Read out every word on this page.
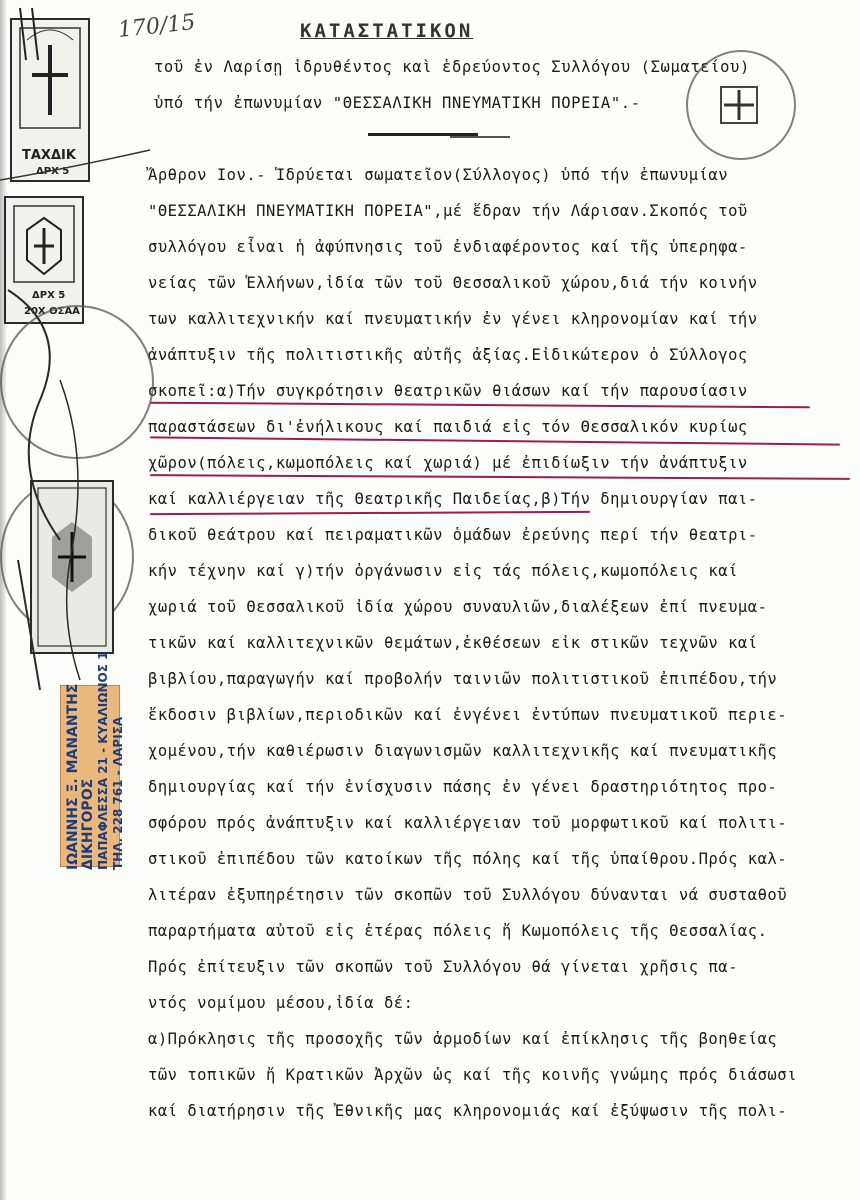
170/15	ΚΑΤΑΣΤΑΤΙΚΟΝ
τοῦ ἐν Λαρίσῃ ἱδρυθέντος καὶ ἑδρεύοντος Συλλόγου (Σωματείου)
ὑπό τήν ἐπωνυμίαν "ΘΕΣΣΑΛΙΚΗ ΠΝΕΥΜΑΤΙΚΗ ΠΟΡΕΙΑ".-
Ἄρθρον Ιον.- Ἱδρύεται σωματεῖον(Σύλλογος) ὑπό τήν ἐπωνυμίαν
"ΘΕΣΣΑΛΙΚΗ ΠΝΕΥΜΑΤΙΚΗ ΠΟΡΕΙΑ",μέ ἕδραν τήν Λάρισαν.Σκοπός τοῦ
συλλόγου εἶναι ἡ ἀφύπνησις τοῦ ἐνδιαφέροντος καί τῆς ὑπερηφα-
νείας τῶν Ἑλλήνων,ἰδία τῶν τοῦ Θεσσαλικοῦ χώρου,διά τήν κοινήν
των καλλιτεχνικήν καί πνευματικήν ἐν γένει κληρονομίαν καί τήν
ἀνάπτυξιν τῆς πολιτιστικῆς αὐτῆς ἀξίας.Εἰδικώτερον ὁ Σύλλογος
σκοπεῖ:α)Τήν συγκρότησιν θεατρικῶν θιάσων καί τήν παρουσίασιν
παραστάσεων δι'ἐνήλικους καί παιδιά εἰς τόν Θεσσαλικόν κυρίως
χῶρον(πόλεις,κωμοπόλεις καί χωριά) μέ ἐπιδίωξιν τήν ἀνάπτυξιν
καί καλλιέργειαν τῆς Θεατρικῆς Παιδείας,β)Τήν δημιουργίαν παι-
δικοῦ θεάτρου καί πειραματικῶν ὁμάδων ἐρεύνης περί τήν θεατρι-
κήν τέχνην καί γ)τήν ὀργάνωσιν εἰς τάς πόλεις,κωμοπόλεις καί
χωριά τοῦ Θεσσαλικοῦ ἰδία χώρου συναυλιῶν,διαλέξεων ἐπί πνευμα-
τικῶν καί καλλιτεχνικῶν θεμάτων,ἐκθέσεων εἰκ στικῶν τεχνῶν καί
βιβλίου,παραγωγήν καί προβολήν ταινιῶν πολιτιστικοῦ ἐπιπέδου,τήν
ἔκδοσιν βιβλίων,περιοδικῶν καί ἐνγένει ἐντύπων πνευματικοῦ περιε-
χομένου,τήν καθιέρωσιν διαγωνισμῶν καλλιτεχνικῆς καί πνευματικῆς
δημιουργίας καί τήν ἐνίσχυσιν πάσης ἐν γένει δραστηριότητος προ-
σφόρου πρός ἀνάπτυξιν καί καλλιέργειαν τοῦ μορφωτικοῦ καί πολιτι-
στικοῦ ἐπιπέδου τῶν κατοίκων τῆς πόλης καί τῆς ὑπαίθρου.Πρός καλ-
λιτέραν ἐξυπηρέτησιν τῶν σκοπῶν τοῦ Συλλόγου δύνανται νά συσταθοῦ
παραρτήματα αὐτοῦ εἰς ἑτέρας πόλεις ἤ Κωμοπόλεις τῆς Θεσσαλίας.
Πρός ἐπίτευξιν τῶν σκοπῶν τοῦ Συλλόγου θά γίνεται χρῆσις πα-
ντός νομίμου μέσου,ἰδία δέ:
α)Πρόκλησις τῆς προσοχῆς τῶν ἁρμοδίων καί ἐπίκλησις τῆς βοηθείας
τῶν τοπικῶν ἤ Κρατικῶν Ἀρχῶν ὡς καί τῆς κοινῆς γνώμης πρός διάσωσι
καί διατήρησιν τῆς Ἐθνικῆς μας κληρονομιάς καί ἐξύψωσιν τῆς πολι-
ΤΑΧΔΙΚ
ΔΡΧ 5
ΔΡΧ 5
20Χ ΟΣΑΑ
ΙΩΑΝΝΗΣ Ξ. ΜΑΝΑΝΤΗΣ ΔΙΚΗΓΟΡΟΣ ΠΑΠΑΦΛΕΣΣΑ 21 - ΚΥΑΛΙΩΝΟΣ 1 ΤΗΛ. 228 761 - ΛΑΡΙΣΑ
